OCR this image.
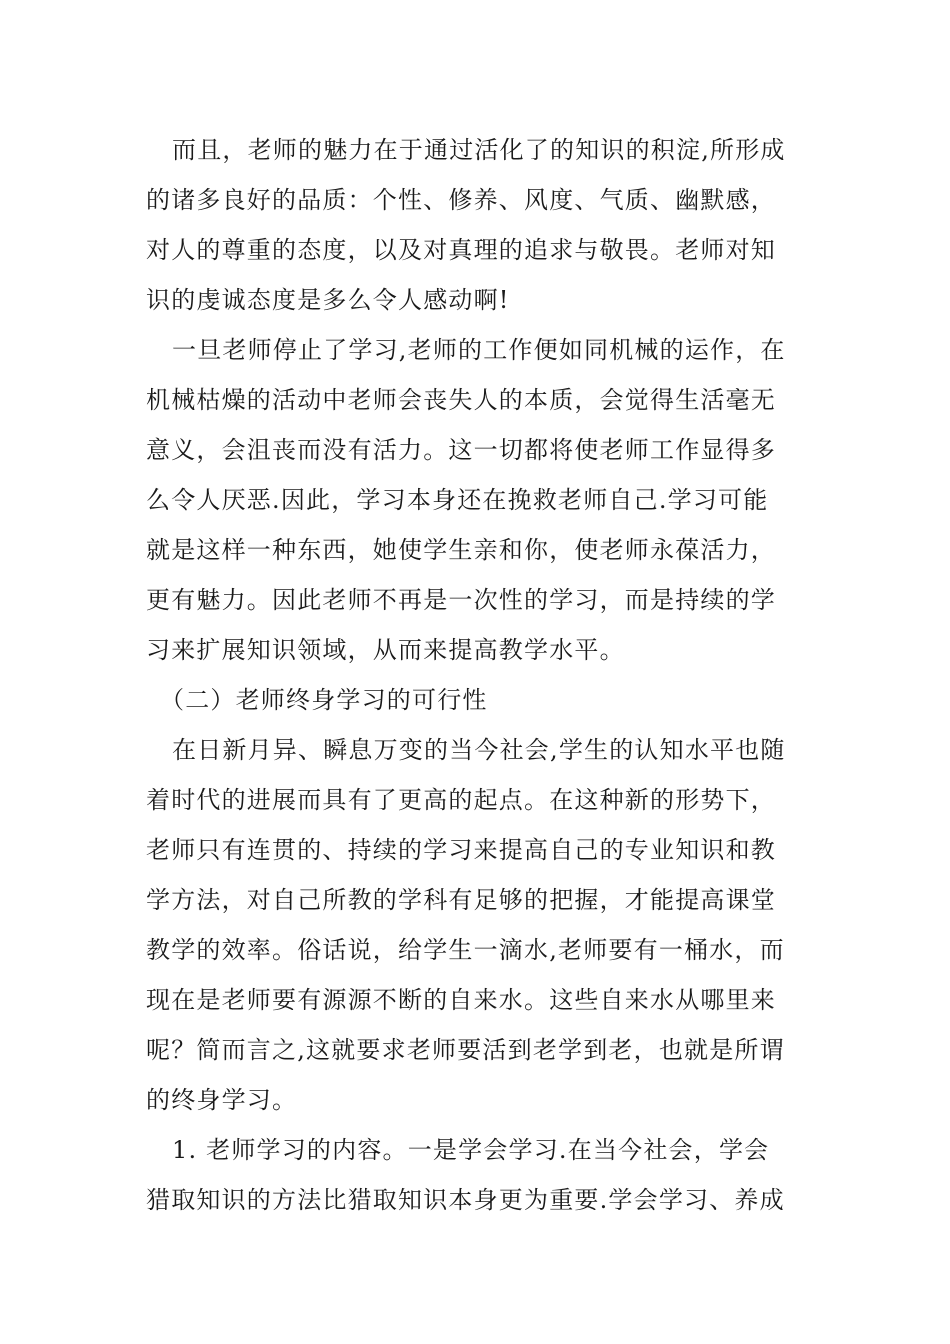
而且，老师的魅力在于通过活化了的知识的积淀,所形成
的诸多良好的品质：个性、修养、风度、气质、幽默感，
对人的尊重的态度，以及对真理的追求与敬畏。老师对知
识的虔诚态度是多么令人感动啊!
一旦老师停止了学习,老师的工作便如同机械的运作，在
机械枯燥的活动中老师会丧失人的本质，会觉得生活毫无
意义，会沮丧而没有活力。这一切都将使老师工作显得多
么令人厌恶.因此，学习本身还在挽救老师自己.学习可能
就是这样一种东西，她使学生亲和你，使老师永葆活力，
更有魅力。因此老师不再是一次性的学习，而是持续的学
习来扩展知识领域，从而来提高教学水平。
（二）老师终身学习的可行性
在日新月异、瞬息万变的当今社会,学生的认知水平也随
着时代的进展而具有了更高的起点。在这种新的形势下，
老师只有连贯的、持续的学习来提高自己的专业知识和教
学方法，对自己所教的学科有足够的把握，才能提高课堂
教学的效率。俗话说，给学生一滴水,老师要有一桶水，而
现在是老师要有源源不断的自来水。这些自来水从哪里来
呢？简而言之,这就要求老师要活到老学到老，也就是所谓
的终身学习。
1. 老师学习的内容。一是学会学习.在当今社会，学会
猎取知识的方法比猎取知识本身更为重要.学会学习、养成
